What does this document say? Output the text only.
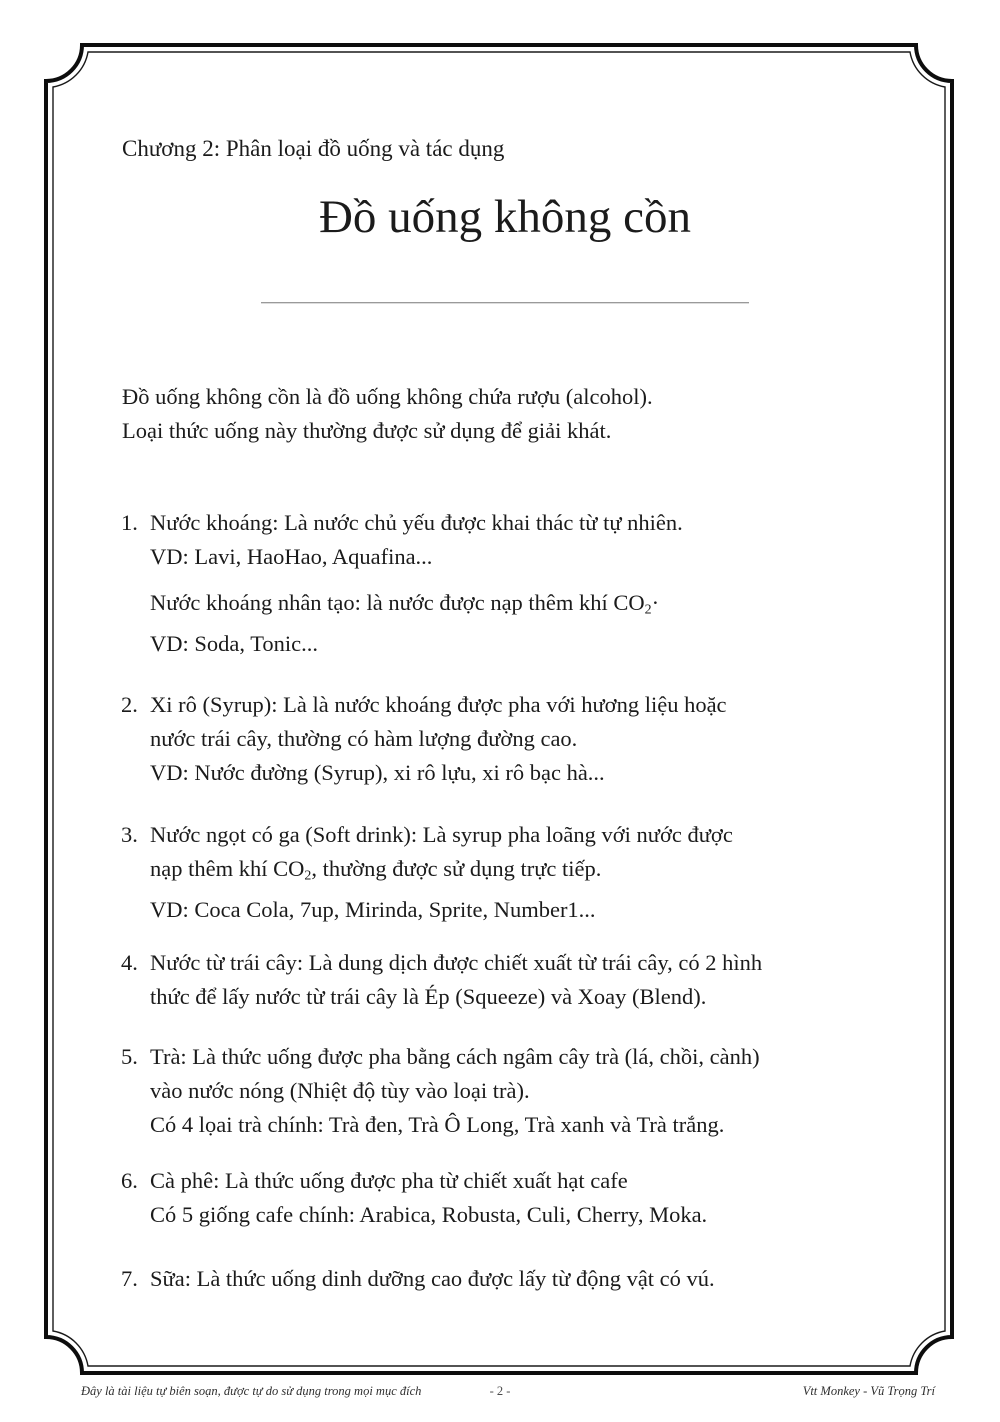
Chương 2: Phân loại đồ uống và tác dụng
Đồ uống không cồn
Đồ uống không cồn là đồ uống không chứa rượu (alcohol).
Loại thức uống này thường được sử dụng để giải khát.
1. Nước khoáng: Là nước chủ yếu được khai thác từ tự nhiên.
VD: Lavi, HaoHao, Aquafina...
Nước khoáng nhân tạo: là nước được nạp thêm khí $CO_2\cdot$
VD: Soda, Tonic...
2. Xi rô (Syrup): Là là nước khoáng được pha với hương liệu hoặc
nước trái cây, thường có hàm lượng đường cao.
VD: Nước đường (Syrup), xi rô lựu, xi rô bạc hà...
3. Nước ngọt có ga (Soft drink): Là syrup pha loãng với nước được
nạp thêm khí $CO_2$, thường được sử dụng trực tiếp.
VD: Coca Cola, 7up, Mirinda, Sprite, Number1...
4. Nước từ trái cây: Là dung dịch được chiết xuất từ trái cây, có 2 hình
thức để lấy nước từ trái cây là Ép (Squeeze) và Xoay (Blend).
5. Trà: Là thức uống được pha bằng cách ngâm cây trà (lá, chồi, cành)
vào nước nóng (Nhiệt độ tùy vào loại trà).
Có 4 lọai trà chính: Trà đen, Trà Ô Long, Trà xanh và Trà trắng.
6. Cà phê: Là thức uống được pha từ chiết xuất hạt cafe
Có 5 giống cafe chính: Arabica, Robusta, Culi, Cherry, Moka.
7. Sữa: Là thức uống dinh dưỡng cao được lấy từ động vật có vú.
Đây là tài liệu tự biên soạn, được tự do sử dụng trong mọi mục đích	- 2 -	Vtt Monkey - Vũ Trọng Trí
